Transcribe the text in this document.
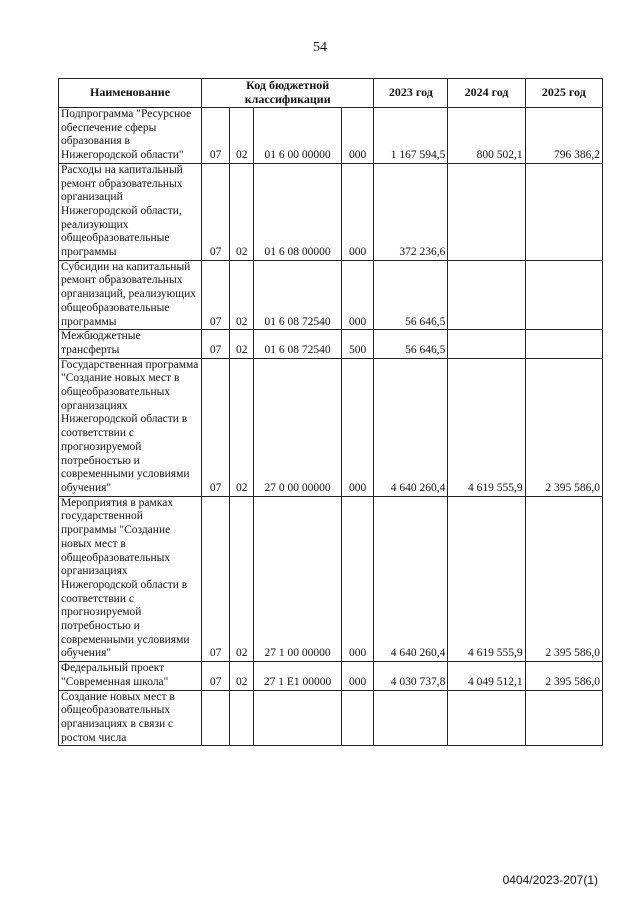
54
Наименование	Код бюджетной классификации				2023 год	2024 год	2025 год
Подпрограмма "Ресурсное обеспечение сферы образования в Нижегородской области"	07	02	01 6 00 00000	000	1 167 594,5	800 502,1	796 386,2
Расходы на капитальный ремонт образовательных организаций Нижегородской области, реализующих общеобразовательные программы	07	02	01 6 08 00000	000	372 236,6		
Субсидии на капитальный ремонт образовательных организаций, реализующих общеобразовательные программы	07	02	01 6 08 72540	000	56 646,5		
Межбюджетные трансферты	07	02	01 6 08 72540	500	56 646,5		
Государственная программа "Создание новых мест в общеобразовательных организациях Нижегородской области в соответствии с прогнозируемой потребностью и современными условиями обучения"	07	02	27 0 00 00000	000	4 640 260,4	4 619 555,9	2 395 586,0
Мероприятия в рамках государственной программы "Создание новых мест в общеобразовательных организациях Нижегородской области в соответствии с прогнозируемой потребностью и современными условиями обучения"	07	02	27 1 00 00000	000	4 640 260,4	4 619 555,9	2 395 586,0
Федеральный проект "Современная школа"	07	02	27 1 E1 00000	000	4 030 737,8	4 049 512,1	2 395 586,0
Создание новых мест в общеобразовательных организациях в связи с ростом числа							
0404/2023-207(1)
